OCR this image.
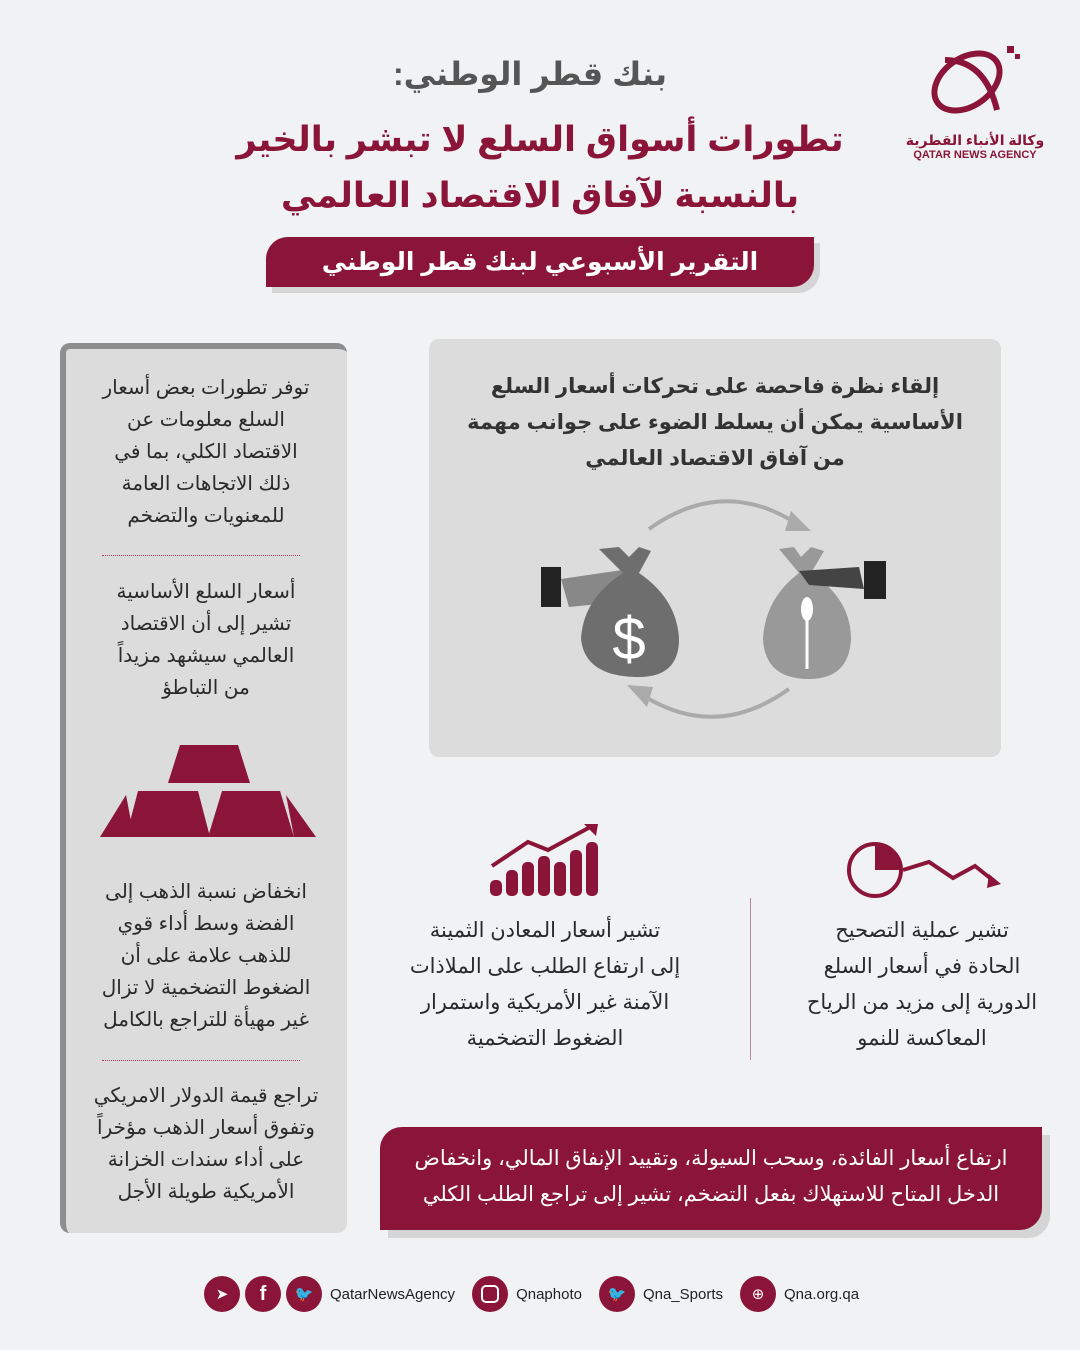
بنك قطر الوطني:
تطورات أسواق السلع لا تبشر بالخير
بالنسبة لآفاق الاقتصاد العالمي
التقرير الأسبوعي لبنك قطر الوطني
وكالة الأنباء القطرية
QATAR NEWS AGENCY
توفر تطورات بعض أسعار
السلع معلومات عن
الاقتصاد الكلي، بما في
ذلك الاتجاهات العامة
للمعنويات والتضخم
أسعار السلع الأساسية
تشير إلى أن الاقتصاد
العالمي سيشهد مزيداً
من التباطؤ
انخفاض نسبة الذهب إلى
الفضة وسط أداء قوي
للذهب علامة على أن
الضغوط التضخمية لا تزال
غير مهيأة للتراجع بالكامل
تراجع قيمة الدولار الامريكي
وتفوق أسعار الذهب مؤخراً
على أداء سندات الخزانة
الأمريكية طويلة الأجل
إلقاء نظرة فاحصة على تحركات أسعار السلع
الأساسية يمكن أن يسلط الضوء على جوانب مهمة
من آفاق الاقتصاد العالمي
$
تشير أسعار المعادن الثمينة
إلى ارتفاع الطلب على الملاذات
الآمنة غير الأمريكية واستمرار
الضغوط التضخمية
تشير عملية التصحيح
الحادة في أسعار السلع
الدورية إلى مزيد من الرياح
المعاكسة للنمو
ارتفاع أسعار الفائدة، وسحب السيولة، وتقييد الإنفاق المالي، وانخفاض
الدخل المتاح للاستهلاك بفعل التضخم، تشير إلى تراجع الطلب الكلي
➤	f	🐦	QatarNewsAgency	Qnaphoto	🐦	Qna_Sports	⊕	Qna.org.qa
